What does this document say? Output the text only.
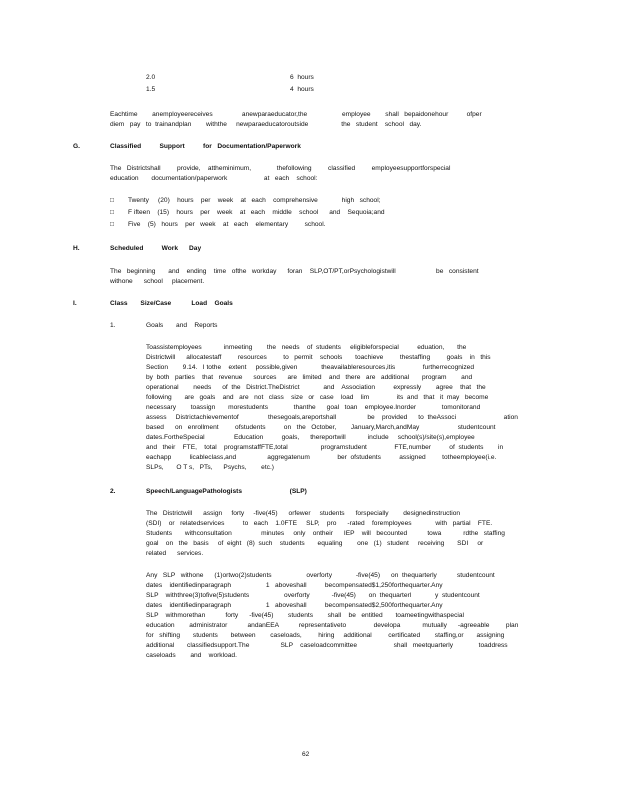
2.0	6  hours
1.5	4  hours
Eachtime        anemployeereceives                anewparaeducator,the                   employee        shall   bepaidonehour          ofper
diem   pay   to  trainandplan        withthe     newparaeducatoroutside                  the   student    school   day.
G.	Classified          Support          for   Documentation/Paperwork
The   Districtshall         provide,    attheminimum,              thefollowing         classified         employeesupportforspecial
education       documentation/paperwork                    at   each    school:
□ Twenty     (20)    hours    per    week    at   each    comprehensive             high   school;
□ F ifteen    (15)    hours    per    week    at   each    middle    school      and    Sequoia;and
□ Five    (5)   hours    per   week    at   each    elementary         school.
H.	Scheduled          Work      Day
The   beginning       and    ending    time   ofthe   workday      foran    SLP,OT/PT,orPsychologistwill                      be   consistent
withone      school     placement.
I.	Class       Size/Case           Load    Goals
1.	Goals       and    Reports
Toassistemployees            inmeeting        the   needs    of  students     eligibleforspecial          eduation,       the
Districtwill      allocatestaff         resources         to   permit    schools       toachieve         thestaffing         goals    in   this
Section        9.14.   I tothe    extent     possible,given             theavailableresources,itis               furtherrecognized
by  both   parties    that   revenue      sources      are   limited    and   there   are   additional       program        and
operational        needs      of  the   District.TheDistrict             and    Association          expressly        agree    that   the
following       are   goals    and   are   not   class    size   or   case    load    lim               its  and   that   it  may   become
necessary        toassign       morestudents              thanthe      goal   toan    employee.Inorder              tomonitorand
assess     Districtachievementof                thesegoals,areportshall                 be    provided      to  theAssoci                          ation
based      on   enrollment         ofstudents          on   the   October,        January,March,andMay                     studentcount
dates.FortheSpecial                Education          goals,      thereportwill            include     school(s)/site(s),employee
and   their    FTE,    total    programstaffFTE,total                  programstudent               FTE,number          of  students        in
eachapp          licableclass,and                 aggregatenum               ber  ofstudents          assigned         totheemployee(i.e.
SLPs,       O T s,   PTs,      Psychs,        etc.)
2.	Speech/LanguagePathologists                          (SLP)
The   Districtwill      assign     forty     -five(45)      orfewer     students      forspecially        designedinstruction
(SDI)    or   relatedservices          to   each    1.0FTE     SLP,    pro      -rated    foremployees             with   partial    FTE.
Students       withconsultation                minutes     only    ontheir      IEP    will   becounted           towa            rdthe   staffing
goal    on   the   basis     of  eight   (8)  such    students       equaling        one   (1)   student     receiving       SDI     or
related      services.
Any   SLP   withone      (1)ortwo(2)students                   overforty             -five(45)      on  thequarterly           studentcount
dates    identifiedinparagraph                   1   aboveshall          becompensated$1,250forthequarter.Any
SLP    withthree(3)tofive(5)students                   overforty            -five(45)       on  thequarterl             y  studentcount
dates    identifiedinparagraph                   1   aboveshall          becompensated$2,500forthequarter.Any
SLP    withmorethan           forty      -five(45)        students        shall    be   entitled       toameetingwithaspecial
education        administrator           andanEEA           representativeto               developa            mutually      -agreeable         plan
for   shifting       students       between        caseloads,         hiring     additional         certificated        staffing,or       assigning
additional       classifiedsupport.The                 SLP    caseloadcommittee                    shall   meetquarterly              toaddress
caseloads        and    workload.
62
